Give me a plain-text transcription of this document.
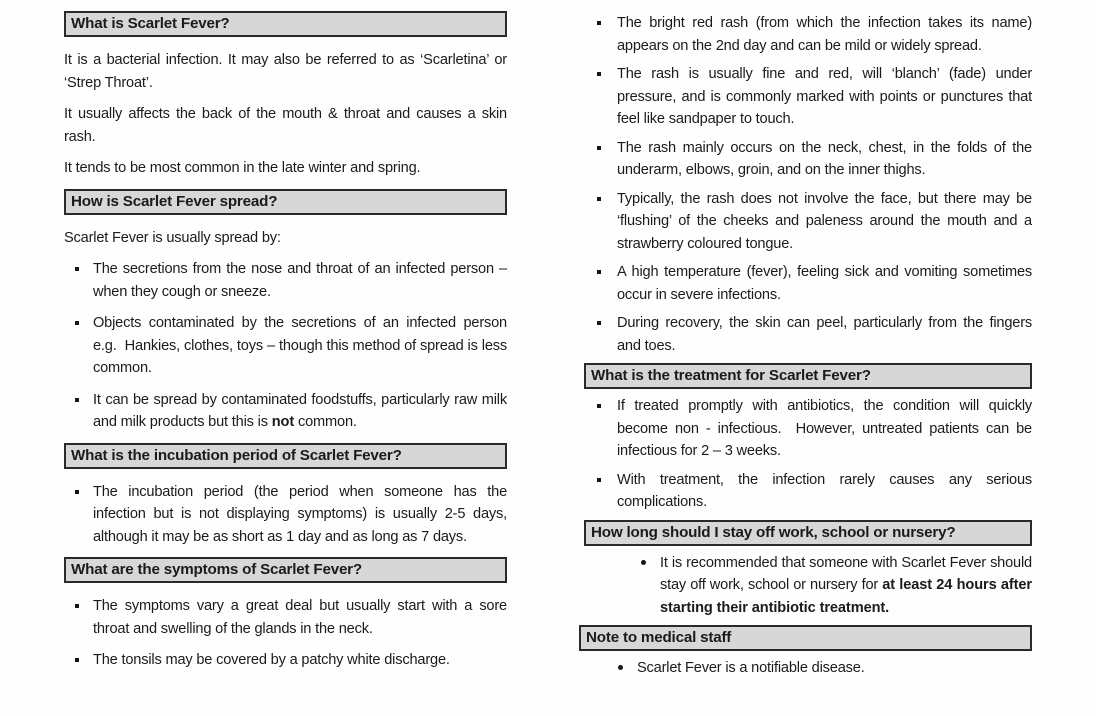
What is Scarlet Fever?
It is a bacterial infection. It may also be referred to as ‘Scarletina’ or ‘Strep Throat’.
It usually affects the back of the mouth & throat and causes a skin rash.
It tends to be most common in the late winter and spring.
How is Scarlet Fever spread?
Scarlet Fever is usually spread by:
The secretions from the nose and throat of an infected person – when they cough or sneeze.
Objects contaminated by the secretions of an infected person e.g.  Hankies, clothes, toys – though this method of spread is less common.
It can be spread by contaminated foodstuffs, particularly raw milk and milk products but this is not common.
What is the incubation period of Scarlet Fever?
The incubation period (the period when someone has the infection but is not displaying symptoms) is usually 2-5 days, although it may be as short as 1 day and as long as 7 days.
What are the symptoms of Scarlet Fever?
The symptoms vary a great deal but usually start with a sore throat and swelling of the glands in the neck.
The tonsils may be covered by a patchy white discharge.
The bright red rash (from which the infection takes its name) appears on the 2nd day and can be mild or widely spread.
The rash is usually fine and red, will ‘blanch’ (fade) under pressure, and is commonly marked with points or punctures that feel like sandpaper to touch.
The rash mainly occurs on the neck, chest, in the folds of the underarm, elbows, groin, and on the inner thighs.
Typically, the rash does not involve the face, but there may be ‘flushing’ of the cheeks and paleness around the mouth and a strawberry coloured tongue.
A high temperature (fever), feeling sick and vomiting sometimes occur in severe infections.
During recovery, the skin can peel, particularly from the fingers and toes.
What is the treatment for Scarlet Fever?
If treated promptly with antibiotics, the condition will quickly become non - infectious.  However, untreated patients can be infectious for 2 – 3 weeks.
With treatment, the infection rarely causes any serious complications.
How long should I stay off work, school or nursery?
It is recommended that someone with Scarlet Fever should stay off work, school or nursery for at least 24 hours after starting their antibiotic treatment.
Note to medical staff
Scarlet Fever is a notifiable disease.
